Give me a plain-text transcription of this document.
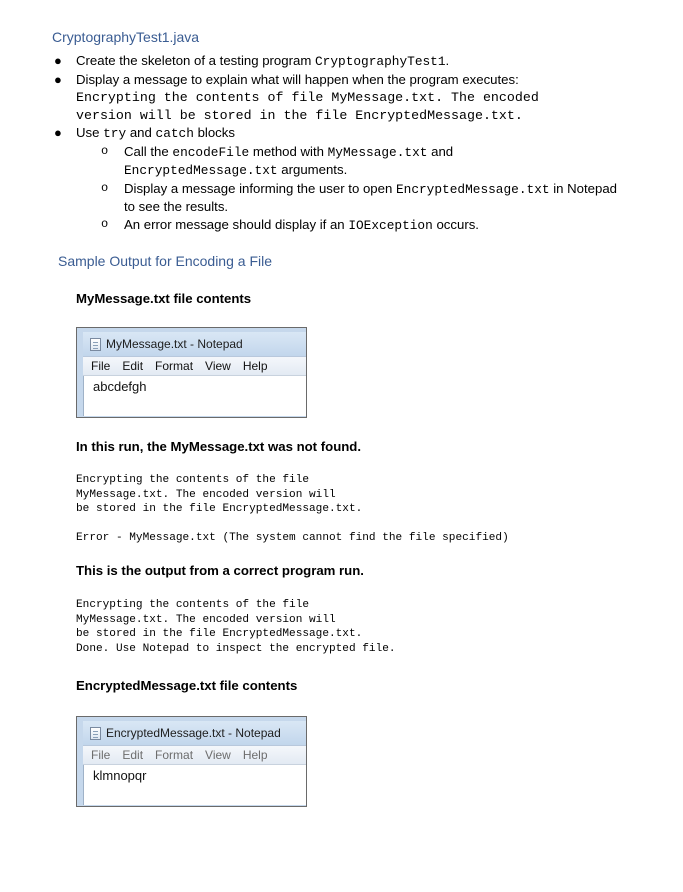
CryptographyTest1.java
● Create the skeleton of a testing program CryptographyTest1.
● Display a message to explain what will happen when the program executes:
Encrypting the contents of file MyMessage.txt. The encoded
version will be stored in the file EncryptedMessage.txt.
● Use try and catch blocks
o Call the encodeFile method with MyMessage.txt and
EncryptedMessage.txt arguments.
o Display a message informing the user to open EncryptedMessage.txt in Notepad
to see the results.
o An error message should display if an IOException occurs.
Sample Output for Encoding a File
MyMessage.txt file contents
MyMessage.txt - Notepad
File Edit Format View Help
abcdefgh
In this run, the MyMessage.txt was not found.
Encrypting the contents of the file
MyMessage.txt. The encoded version will
be stored in the file EncryptedMessage.txt.

Error - MyMessage.txt (The system cannot find the file specified)
This is the output from a correct program run.
Encrypting the contents of the file
MyMessage.txt. The encoded version will
be stored in the file EncryptedMessage.txt.
Done. Use Notepad to inspect the encrypted file.
EncryptedMessage.txt file contents
EncryptedMessage.txt - Notepad
File Edit Format View Help
klmnopqr
